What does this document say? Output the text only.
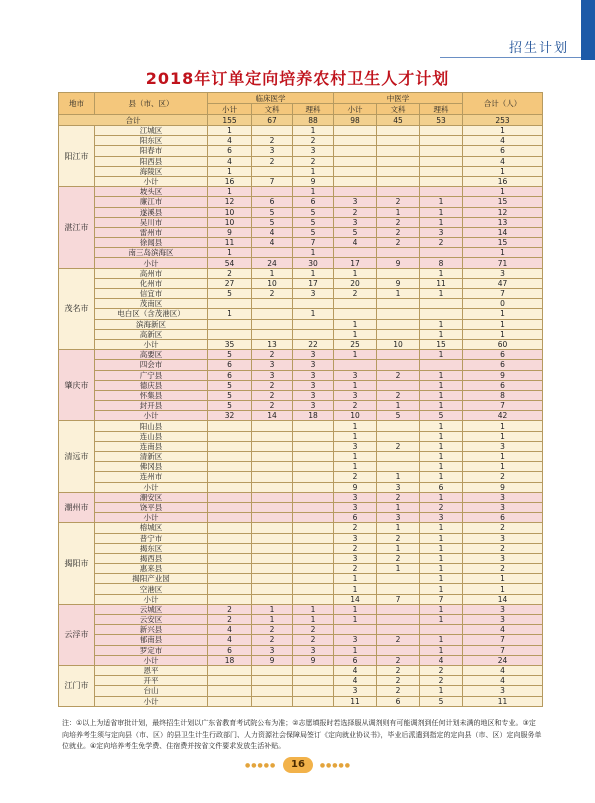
招生计划
2018年订单定向培养农村卫生人才计划
地市	县（市、区）	临床医学			中医学			合计（人）
		小计	文科	理科	小计	文科	理科	
合计		155	67	88	98	45	53	253
阳江市	江城区	1		1				1
	阳东区	4	2	2				4
	阳春市	6	3	3				6
	阳西县	4	2	2				4
	海陵区	1		1				1
	小计	16	7	9				16
湛江市	坡头区	1		1				1
	廉江市	12	6	6	3	2	1	15
	遂溪县	10	5	5	2	1	1	12
	吴川市	10	5	5	3	2	1	13
	雷州市	9	4	5	5	2	3	14
	徐闻县	11	4	7	4	2	2	15
	南三岛滨海区	1		1				1
	小计	54	24	30	17	9	8	71
茂名市	高州市	2	1	1	1		1	3
	化州市	27	10	17	20	9	11	47
	信宜市	5	2	3	2	1	1	7
	茂南区							0
	电白区（含茂港区）	1		1				1
	滨海新区				1		1	1
	高新区				1		1	1
	小计	35	13	22	25	10	15	60
肇庆市	高要区	5	2	3	1		1	6
	四会市	6	3	3				6
	广宁县	6	3	3	3	2	1	9
	德庆县	5	2	3	1		1	6
	怀集县	5	2	3	3	2	1	8
	封开县	5	2	3	2	1	1	7
	小计	32	14	18	10	5	5	42
清远市	阳山县				1		1	1
	连山县				1		1	1
	连南县				3	2	1	3
	清新区				1		1	1
	佛冈县				1		1	1
	连州市				2	1	1	2
	小计				9	3	6	9
潮州市	潮安区				3	2	1	3
	饶平县				3	1	2	3
	小计				6	3	3	6
揭阳市	榕城区				2	1	1	2
	普宁市				3	2	1	3
	揭东区				2	1	1	2
	揭西县				3	2	1	3
	惠来县				2	1	1	2
	揭阳产业园				1		1	1
	空港区				1		1	1
	小计				14	7	7	14
云浮市	云城区	2	1	1	1		1	3
	云安区	2	1	1	1		1	3
	新兴县	4	2	2				4
	郁南县	4	2	2	3	2	1	7
	罗定市	6	3	3	1		1	7
	小计	18	9	9	6	2	4	24
江门市	恩平				4	2	2	4
	开平				4	2	2	4
	台山				3	2	1	3
	小计				11	6	5	11
注：①以上为适省审批计划，最终招生计划以广东省教育考试院公布为准；②志愿填报时若选择服从调剂则有可能调剂到任何计划未满的地区和专业。③定向培养考生须与定向县（市、区）的县卫生计生行政部门、人力资源社会保障局签订《定向就业协议书》，毕业后派遣到指定的定向县（市、区）定向服务单位就业。④定向培养考生免学费、住宿费并按省文件要求发放生活补贴。
●●●●●	16	●●●●●
